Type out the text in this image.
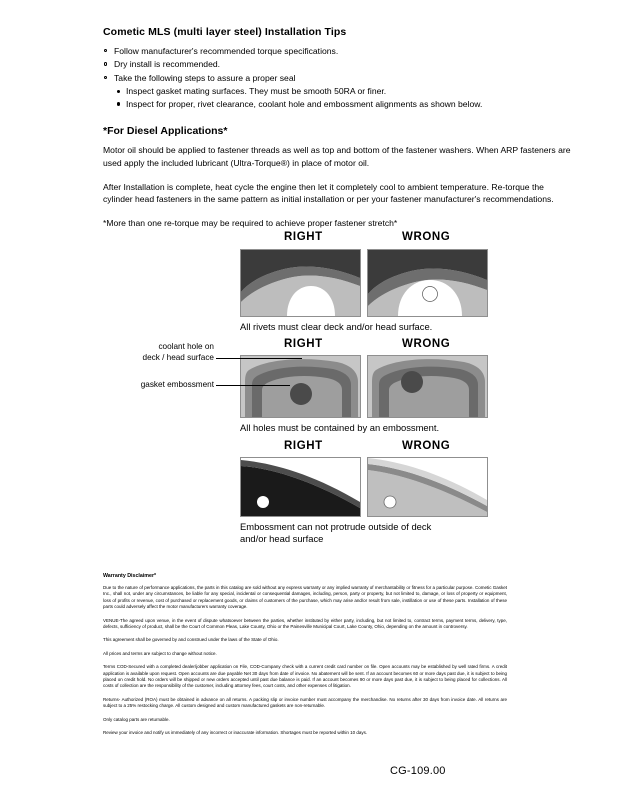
Cometic MLS (multi layer steel) Installation Tips
Follow manufacturer's recommended torque specifications.
Dry install is recommended.
Take the following steps to assure a proper seal
Inspect gasket mating surfaces. They must be smooth 50RA or finer.
Inspect for proper, rivet clearance, coolant hole and embossment alignments as shown below.
*For Diesel Applications*

Motor oil should be applied to fastener threads as well as top and bottom of the fastener washers. When ARP fasteners are used apply the included lubricant (Ultra-Torque®) in place of motor oil.

After Installation is complete, heat cycle the engine then let it completely cool to ambient temperature. Re-torque the cylinder head fasteners in the same pattern as initial installation or per your fastener manufacturer's recommendations.

*More than one re-torque may be required to achieve proper fastener stretch*

RIGHT	WRONG
All rivets must clear deck and/or head surface.
RIGHT	WRONG
coolant hole on
deck / head surface
gasket embossment
All holes must be contained by an embossment.
RIGHT	WRONG
Embossment can not protrude outside of deck
and/or head surface
Warranty Disclaimer*

Due to the nature of performance applications, the parts in this catalog are sold without any express warranty or any implied warranty of merchantability or fitness for a particular purpose. Cometic Gasket Inc., shall not, under any circumstances, be liable for any special, incidental or consequential damages, including, person, party or property, but not limited to, damage, or loss of property or equipment, loss of profits or revenue, cost of purchased or replacement goods, or claims of customers of the purchase, which may arise and/or result from sale, instillation or use of these parts. Installation of these parts could adversely affect the motor manufacturers warranty coverage.

VENUE-The agreed upon venue, in the event of dispute whatsoever between the parties, whether instituted by either party, including, but not limited to, contract terms, payment terms, delivery, type, defects, sufficiency of product, shall be the Court of Common Pleas, Lake County, Ohio or the Painesville Municipal Court, Lake County, Ohio, depending on the amount in controversy.

This agreement shall be governed by and construed under the laws of the State of Ohio.

All prices and terms are subject to change without notice.

Terms COD-Secured with a completed dealer/jobber application on File, COD-Company check with a current credit card number on file. Open accounts may be established by well rated firms. A credit application is available upon request. Open accounts are due payable Net 30 days from date of invoice. No abatement will be sent. If an account becomes 60 or more days past due, it is subject to being placed on credit hold. No orders will be shipped or new orders accepted until past due balance is paid. If an account becomes 90 or more days past due, it is subject to being placed for collections. All costs of collection are the responsibility of the customer, including attorney fees, court costs, and other expenses of litigation.

Returns- Authorized (ROA) must be obtained in advance on all returns. A packing slip or invoice number must accompany the merchandise. No returns after 30 days from invoice date. All returns are subject to a 25% restocking charge. All custom designed and custom manufactured gaskets are non-returnable.

Only catalog parts are returnable.

Review your invoice and notify us immediately of any incorrect or inaccurate information. Shortages must be reported within 10 days.

CG-109.00
